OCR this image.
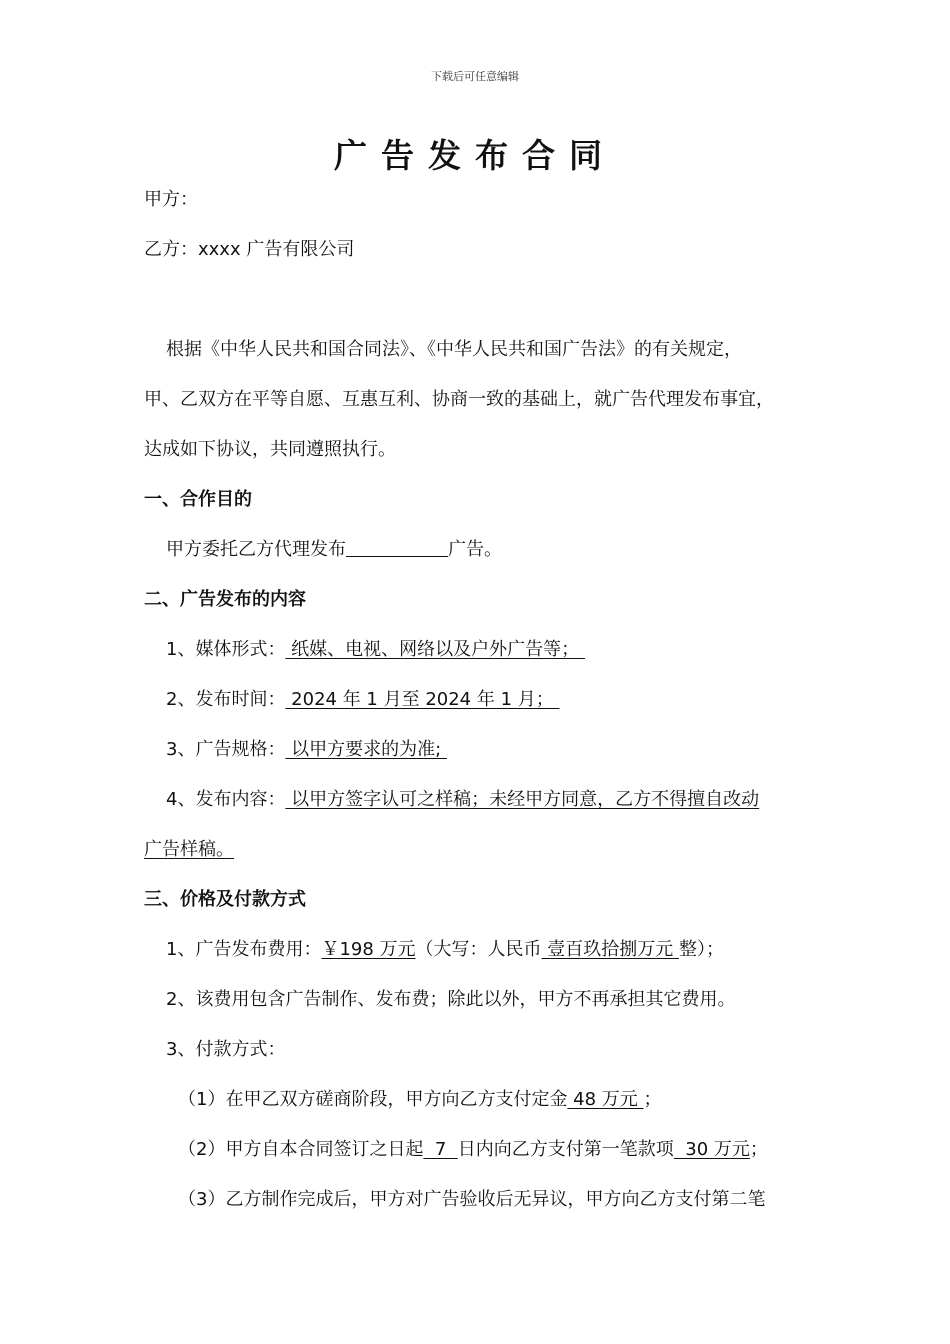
下载后可任意编辑
广告发布合同
甲方：
乙方：xxxx 广告有限公司
根据《中华人民共和国合同法》、《中华人民共和国广告法》的有关规定，
甲、乙双方在平等自愿、互惠互利、协商一致的基础上，就广告代理发布事宜，
达成如下协议，共同遵照执行。
一、合作目的
甲方委托乙方代理发布	广告。
二、广告发布的内容
1、媒体形式： 纸媒、电视、网络以及户外广告等；
2、发布时间： 2024 年 1 月至 2024 年 1 月；
3、广告规格： 以甲方要求的为准;
4、发布内容： 以甲方签字认可之样稿；未经甲方同意，乙方不得擅自改动
广告样稿。
三、价格及付款方式
1、广告发布费用：￥198 万元（大写：人民币 壹百玖拾捌万元 整）；
2、该费用包含广告制作、发布费；除此以外，甲方不再承担其它费用。
3、付款方式：
（1）在甲乙双方磋商阶段，甲方向乙方支付定金 48 万元 ；
（2）甲方自本合同签订之日起  7  日内向乙方支付第一笔款项  30 万元；
（3）乙方制作完成后，甲方对广告验收后无异议，甲方向乙方支付第二笔
